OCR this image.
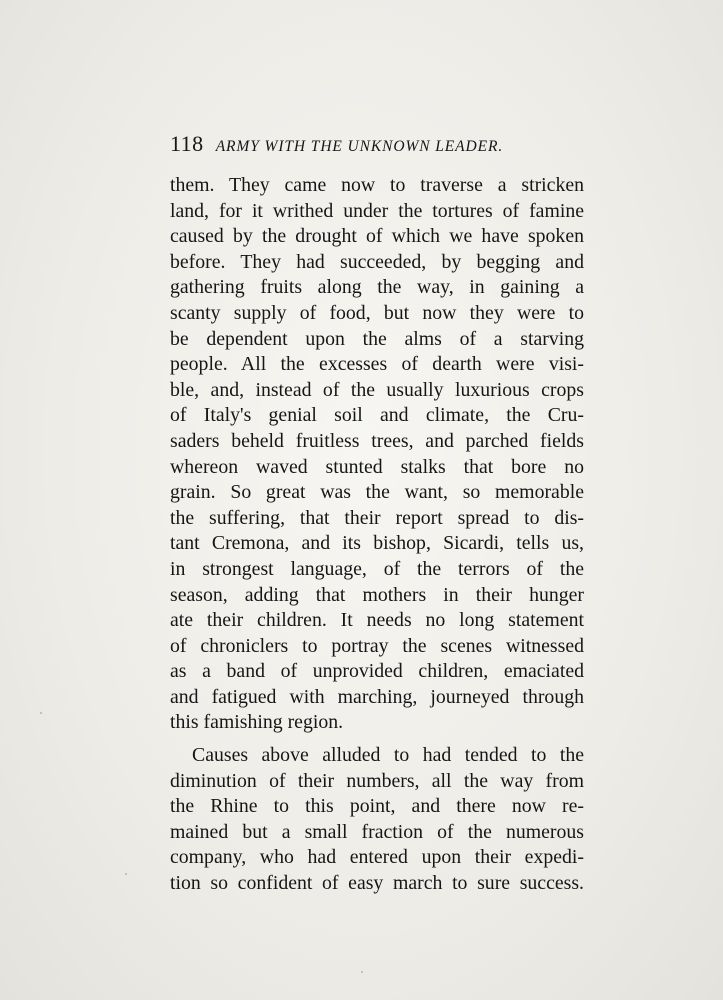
118 ARMY WITH THE UNKNOWN LEADER.

them. They came now to traverse a stricken
land, for it writhed under the tortures of famine
caused by the drought of which we have spoken
before. They had succeeded, by begging and
gathering fruits along the way, in gaining a
scanty supply of food, but now they were to
be dependent upon the alms of a starving
people. All the excesses of dearth were visi-
ble, and, instead of the usually luxurious crops
of Italy's genial soil and climate, the Cru-
saders beheld fruitless trees, and parched fields
whereon waved stunted stalks that bore no
grain. So great was the want, so memorable
the suffering, that their report spread to dis-
tant Cremona, and its bishop, Sicardi, tells us,
in strongest language, of the terrors of the
season, adding that mothers in their hunger
ate their children. It needs no long statement
of chroniclers to portray the scenes witnessed
as a band of unprovided children, emaciated
and fatigued with marching, journeyed through
this famishing region.

Causes above alluded to had tended to the
diminution of their numbers, all the way from
the Rhine to this point, and there now re-
mained but a small fraction of the numerous
company, who had entered upon their expedi-
tion so confident of easy march to sure success.
